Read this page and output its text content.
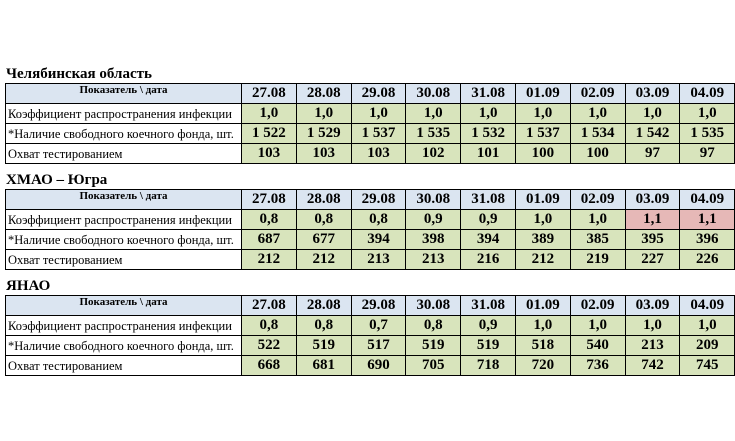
Челябинская область
Показатель \ дата	27.08	28.08	29.08	30.08	31.08	01.09	02.09	03.09	04.09
Коэффициент распространения инфекции	1,0	1,0	1,0	1,0	1,0	1,0	1,0	1,0	1,0
*Наличие свободного коечного фонда, шт.	1 522	1 529	1 537	1 535	1 532	1 537	1 534	1 542	1 535
Охват тестированием	103	103	103	102	101	100	100	97	97
ХМАО – Югра
Показатель \ дата	27.08	28.08	29.08	30.08	31.08	01.09	02.09	03.09	04.09
Коэффициент распространения инфекции	0,8	0,8	0,8	0,9	0,9	1,0	1,0	1,1	1,1
*Наличие свободного коечного фонда, шт.	687	677	394	398	394	389	385	395	396
Охват тестированием	212	212	213	213	216	212	219	227	226
ЯНАО
Показатель \ дата	27.08	28.08	29.08	30.08	31.08	01.09	02.09	03.09	04.09
Коэффициент распространения инфекции	0,8	0,8	0,7	0,8	0,9	1,0	1,0	1,0	1,0
*Наличие свободного коечного фонда, шт.	522	519	517	519	519	518	540	213	209
Охват тестированием	668	681	690	705	718	720	736	742	745
